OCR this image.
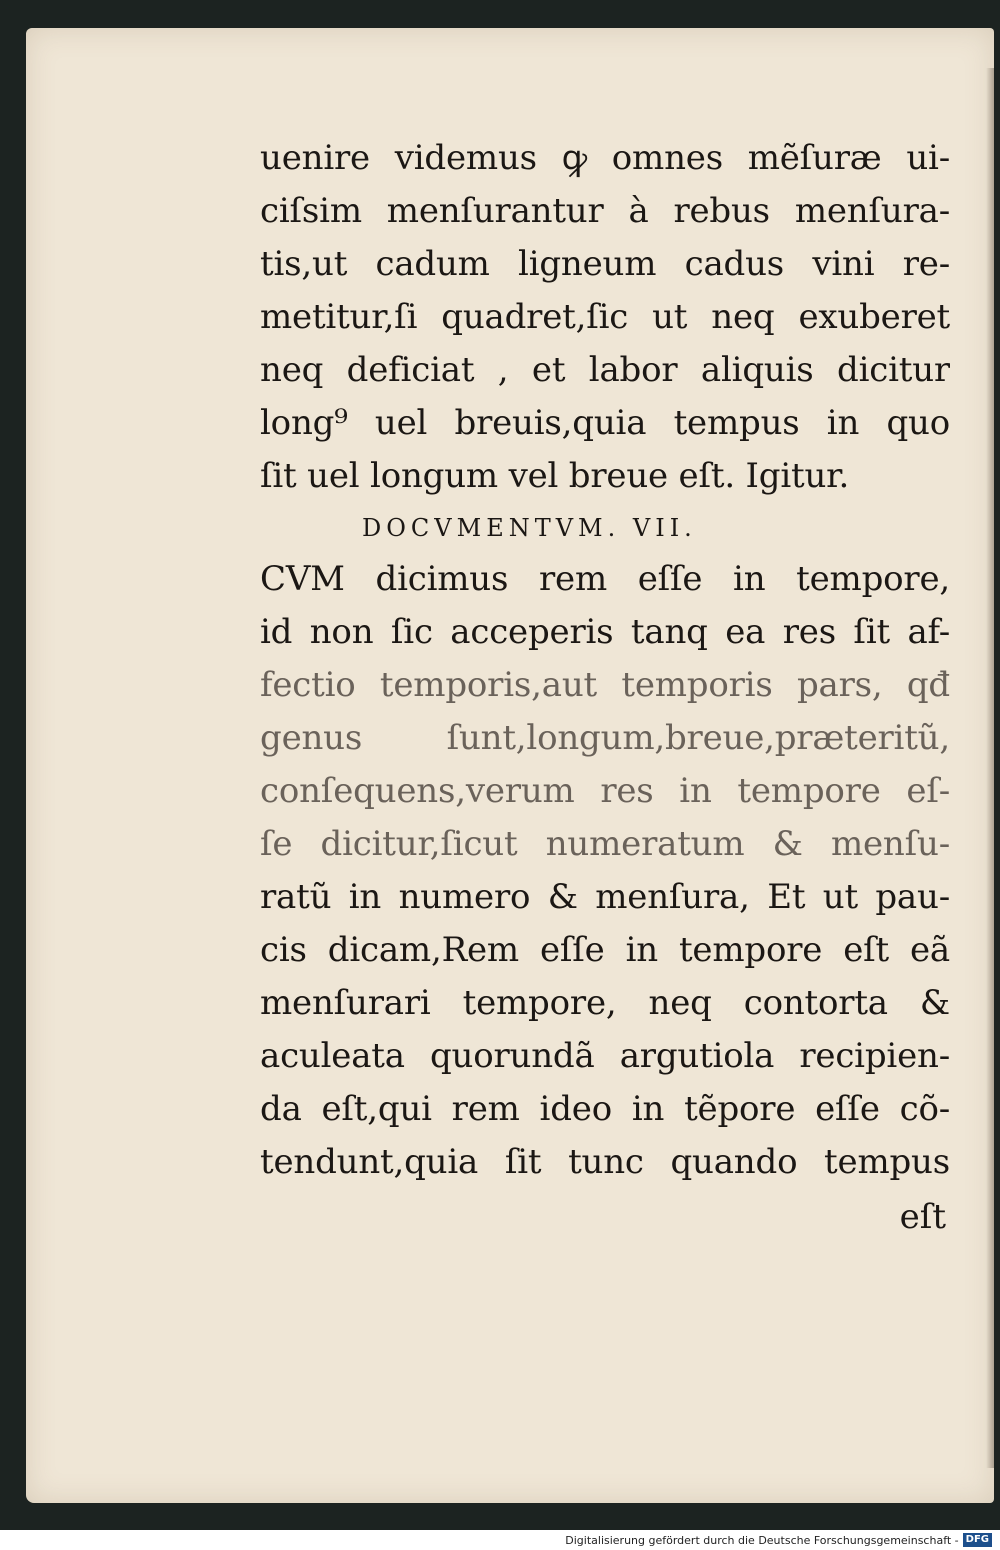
uenire videmus ꝙ omnes mẽſuræ ui-
ciſsim menſurantur à rebus menſura-
tis,ut cadum ligneum cadus vini re-
metitur,ſi quadret,ſic ut neq exuberet
neq deficiat , et labor aliquis dicitur
long⁹ uel breuis,quia tempus in quo
ſit uel longum vel breue eſt. Igitur.
DOCVMENTVM. VII.
CVM dicimus rem eſſe in tempore,
id non ſic acceperis tanq ea res ſit af-
fectio temporis,aut temporis pars, qđ
genus ſunt,longum,breue,præteritũ,
conſequens,verum res in tempore eſ-
ſe dicitur,ſicut numeratum & menſu-
ratũ in numero & menſura, Et ut pau-
cis dicam,Rem eſſe in tempore eſt eã
menſurari tempore, neq contorta &
aculeata quorundã argutiola recipien-
da eſt,qui rem ideo in tẽpore eſſe cõ-
tendunt,quia ſit tunc quando tempus
eſt
Digitalisierung gefördert durch die Deutsche Forschungsgemeinschaft - DFG
